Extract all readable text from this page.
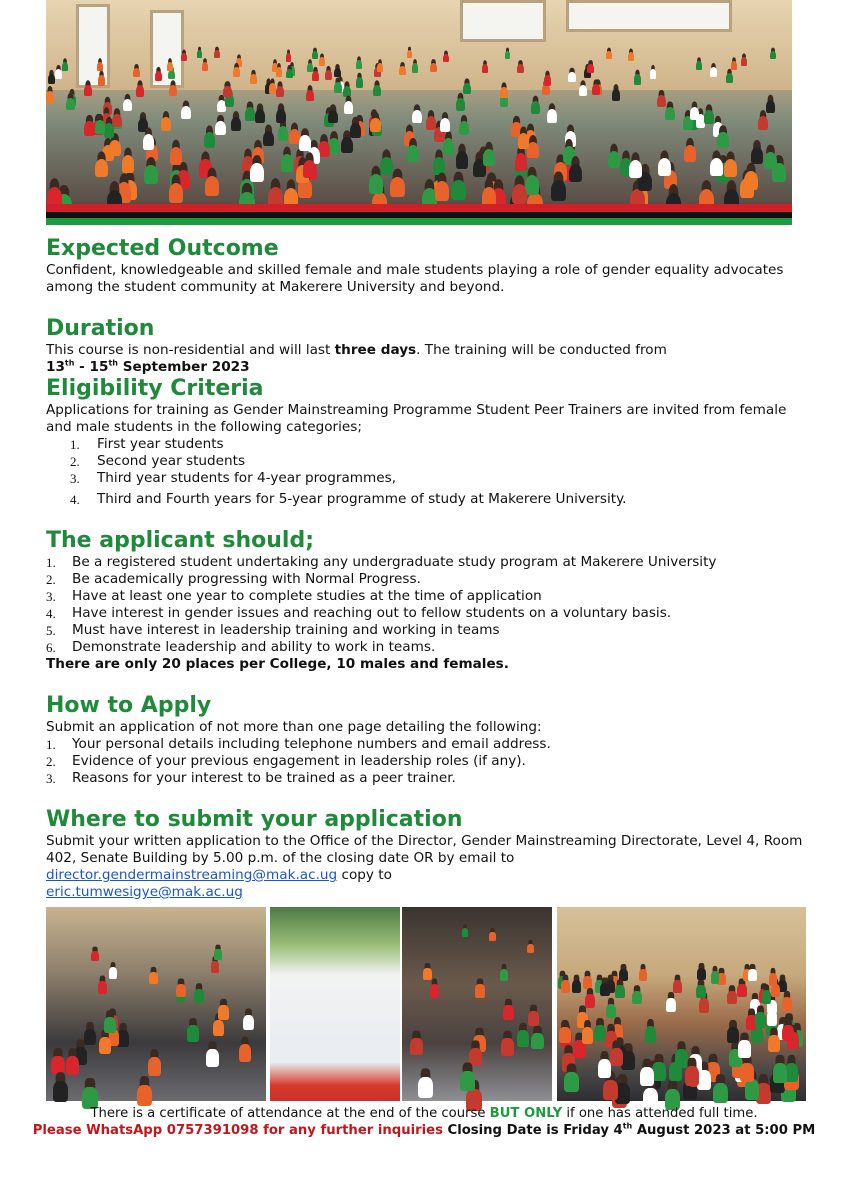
Expected Outcome

Confident, knowledgeable and skilled female and male students playing a role of gender equality advocates among the student community at Makerere University and beyond.

Duration

This course is non-residential and will last three days. The training will be conducted from

13th - 15th September 2023

Eligibility Criteria

Applications for training as Gender Mainstreaming Programme Student Peer Trainers are invited from female and male students in the following categories;

1. First year students
2. Second year students
3. Third year students for 4-year programmes,
4. Third and Fourth years for 5-year programme of study at Makerere University.
The applicant should;
1. Be a registered student undertaking any undergraduate study program at Makerere University
2. Be academically progressing with Normal Progress.
3. Have at least one year to complete studies at the time of application
4. Have interest in gender issues and reaching out to fellow students on a voluntary basis.
5. Must have interest in leadership training and working in teams
6. Demonstrate leadership and ability to work in teams.

There are only 20 places per College, 10 males and females.

How to Apply

Submit an application of not more than one page detailing the following:

1. Your personal details including telephone numbers and email address.
2. Evidence of your previous engagement in leadership roles (if any).
3. Reasons for your interest to be trained as a peer trainer.
Where to submit your application

Submit your written application to the Office of the Director, Gender Mainstreaming Directorate, Level 4, Room 402, Senate Building by 5.00 p.m. of the closing date OR by email to director.gendermainstreaming@mak.ac.ug copy to
eric.tumwesigye@mak.ac.ug

There is a certificate of attendance at the end of the course BUT ONLY if one has attended full time.
Please WhatsApp 0757391098 for any further inquiries Closing Date is Friday 4th August 2023 at 5:00 PM
